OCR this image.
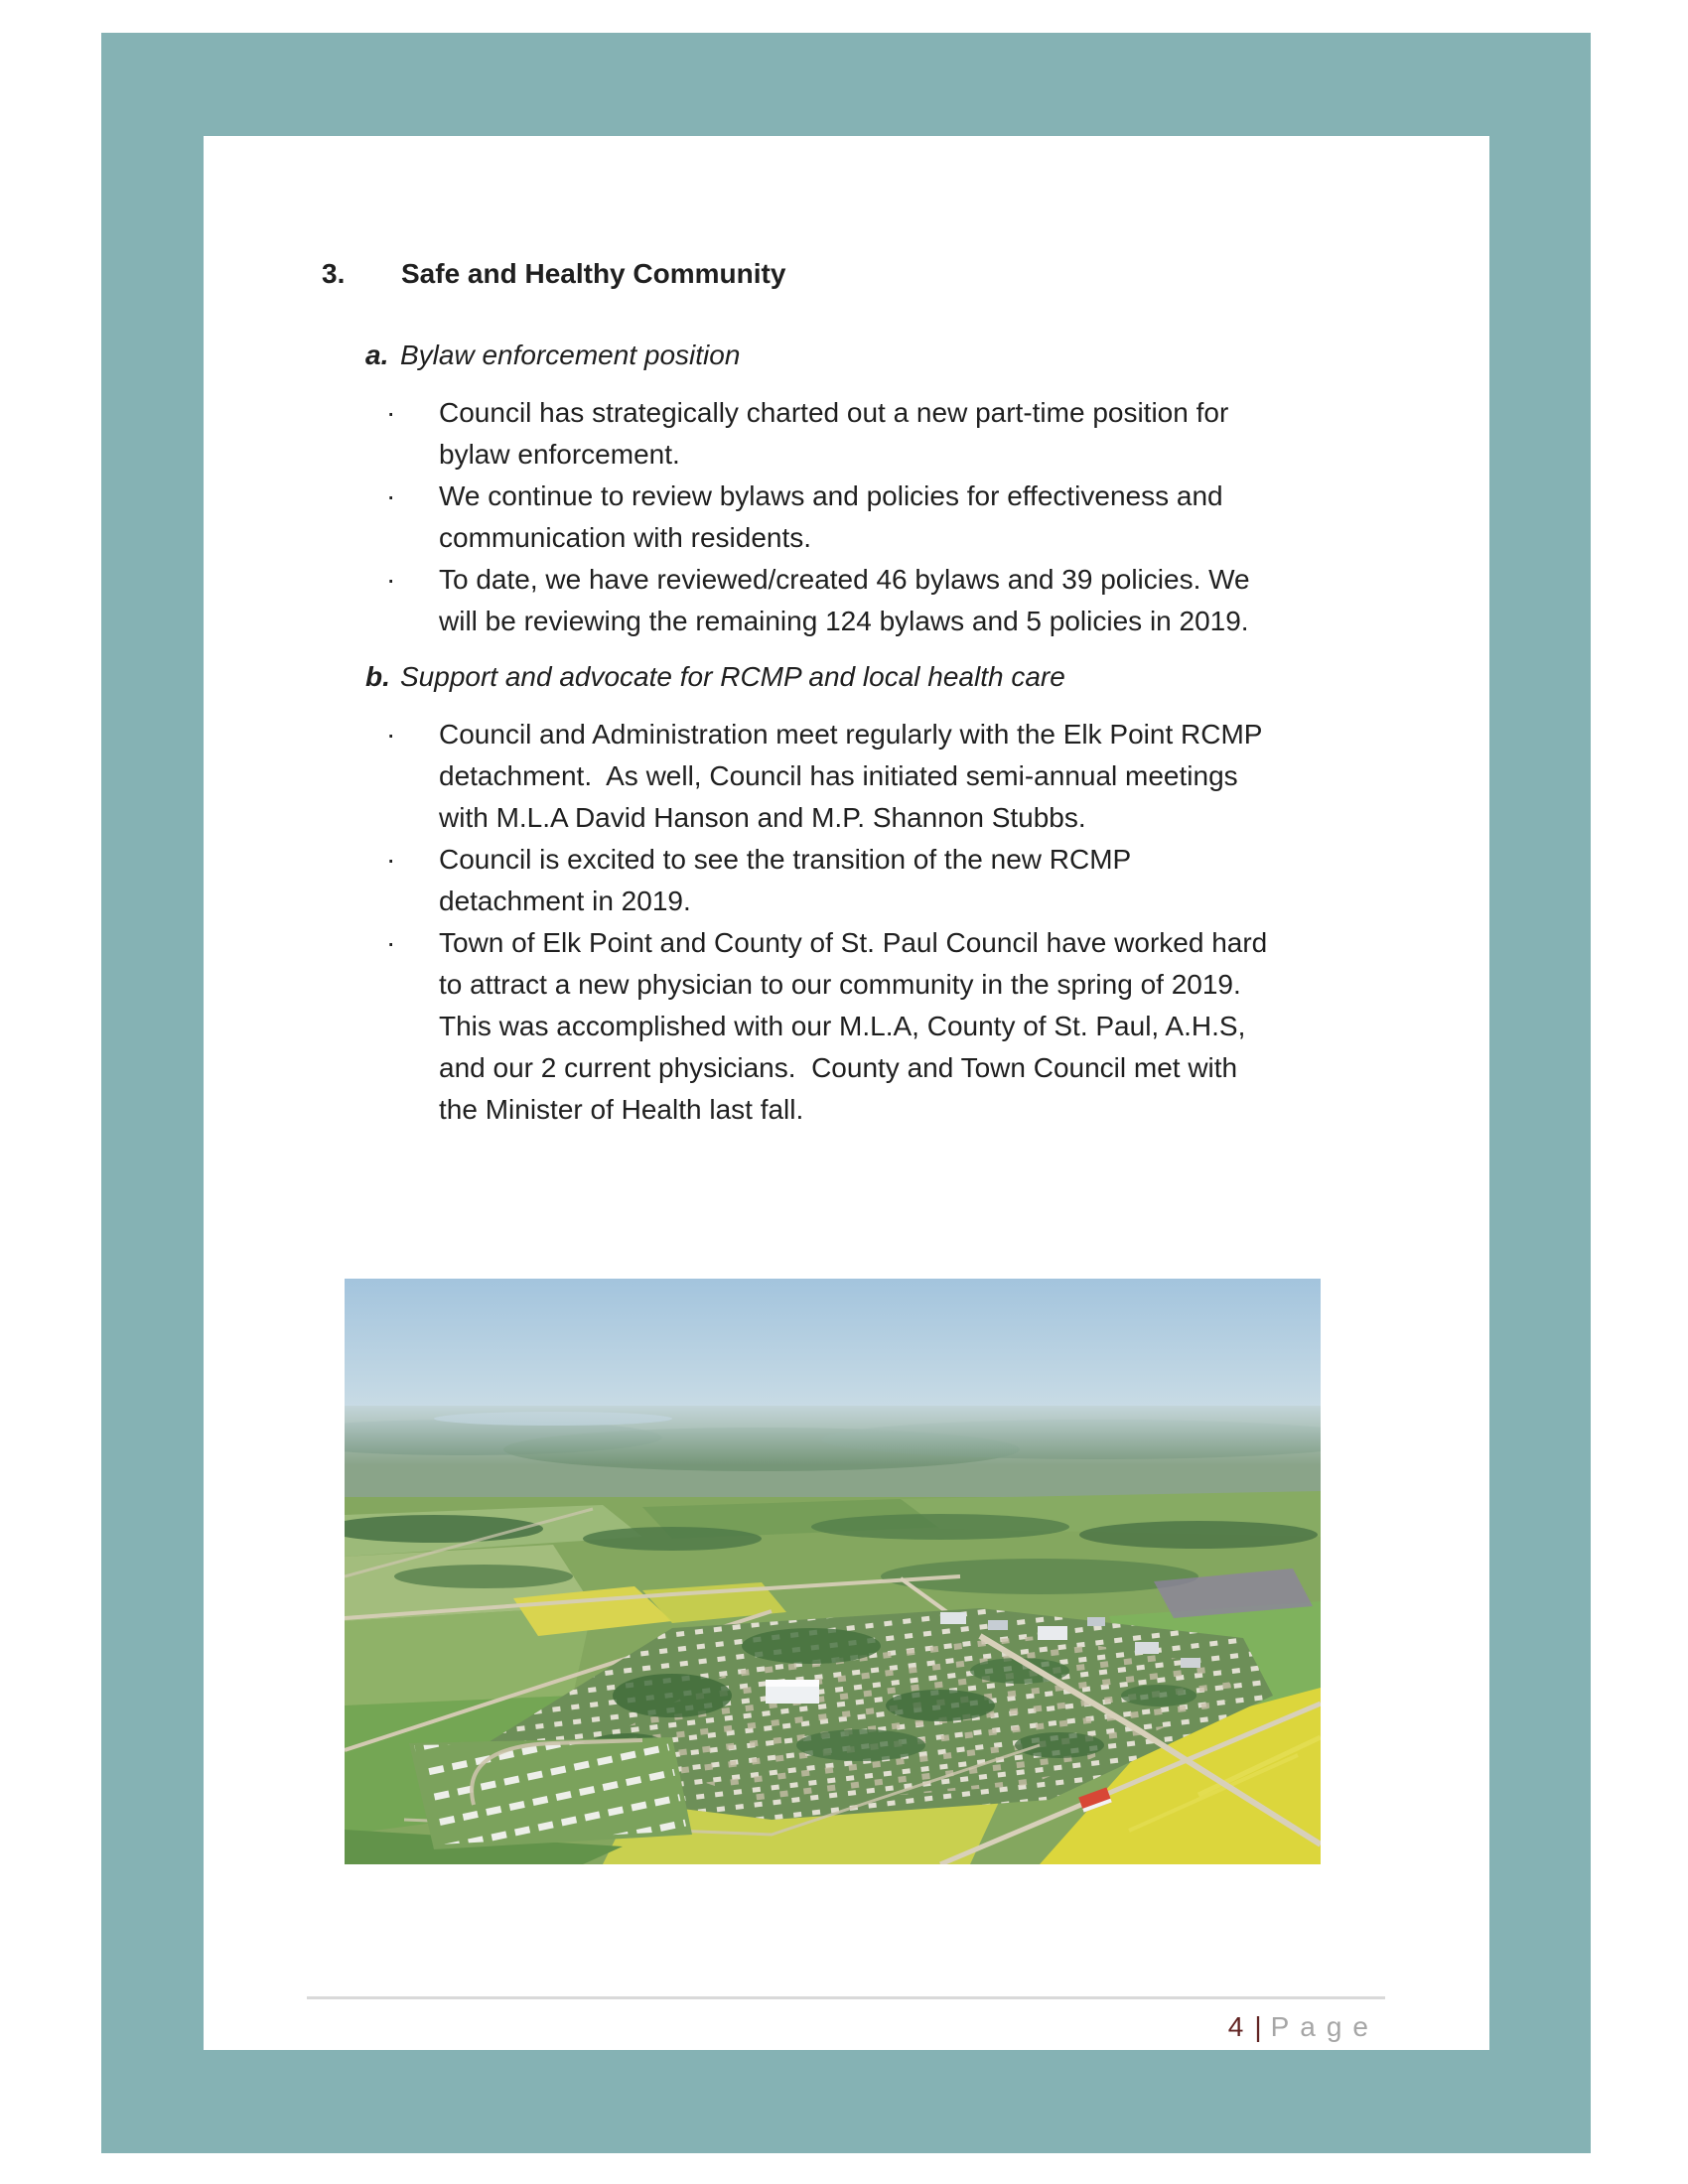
3. Safe and Healthy Community
a. Bylaw enforcement position
· Council has strategically charted out a new part-time position for
bylaw enforcement.
· We continue to review bylaws and policies for effectiveness and
communication with residents.
· To date, we have reviewed/created 46 bylaws and 39 policies. We
will be reviewing the remaining 124 bylaws and 5 policies in 2019.
b. Support and advocate for RCMP and local health care
· Council and Administration meet regularly with the Elk Point RCMP
detachment.  As well, Council has initiated semi-annual meetings
with M.L.A David Hanson and M.P. Shannon Stubbs.
· Council is excited to see the transition of the new RCMP
detachment in 2019.
· Town of Elk Point and County of St. Paul Council have worked hard
to attract a new physician to our community in the spring of 2019.
This was accomplished with our M.L.A, County of St. Paul, A.H.S,
and our 2 current physicians.  County and Town Council met with
the Minister of Health last fall.
4 | Page
